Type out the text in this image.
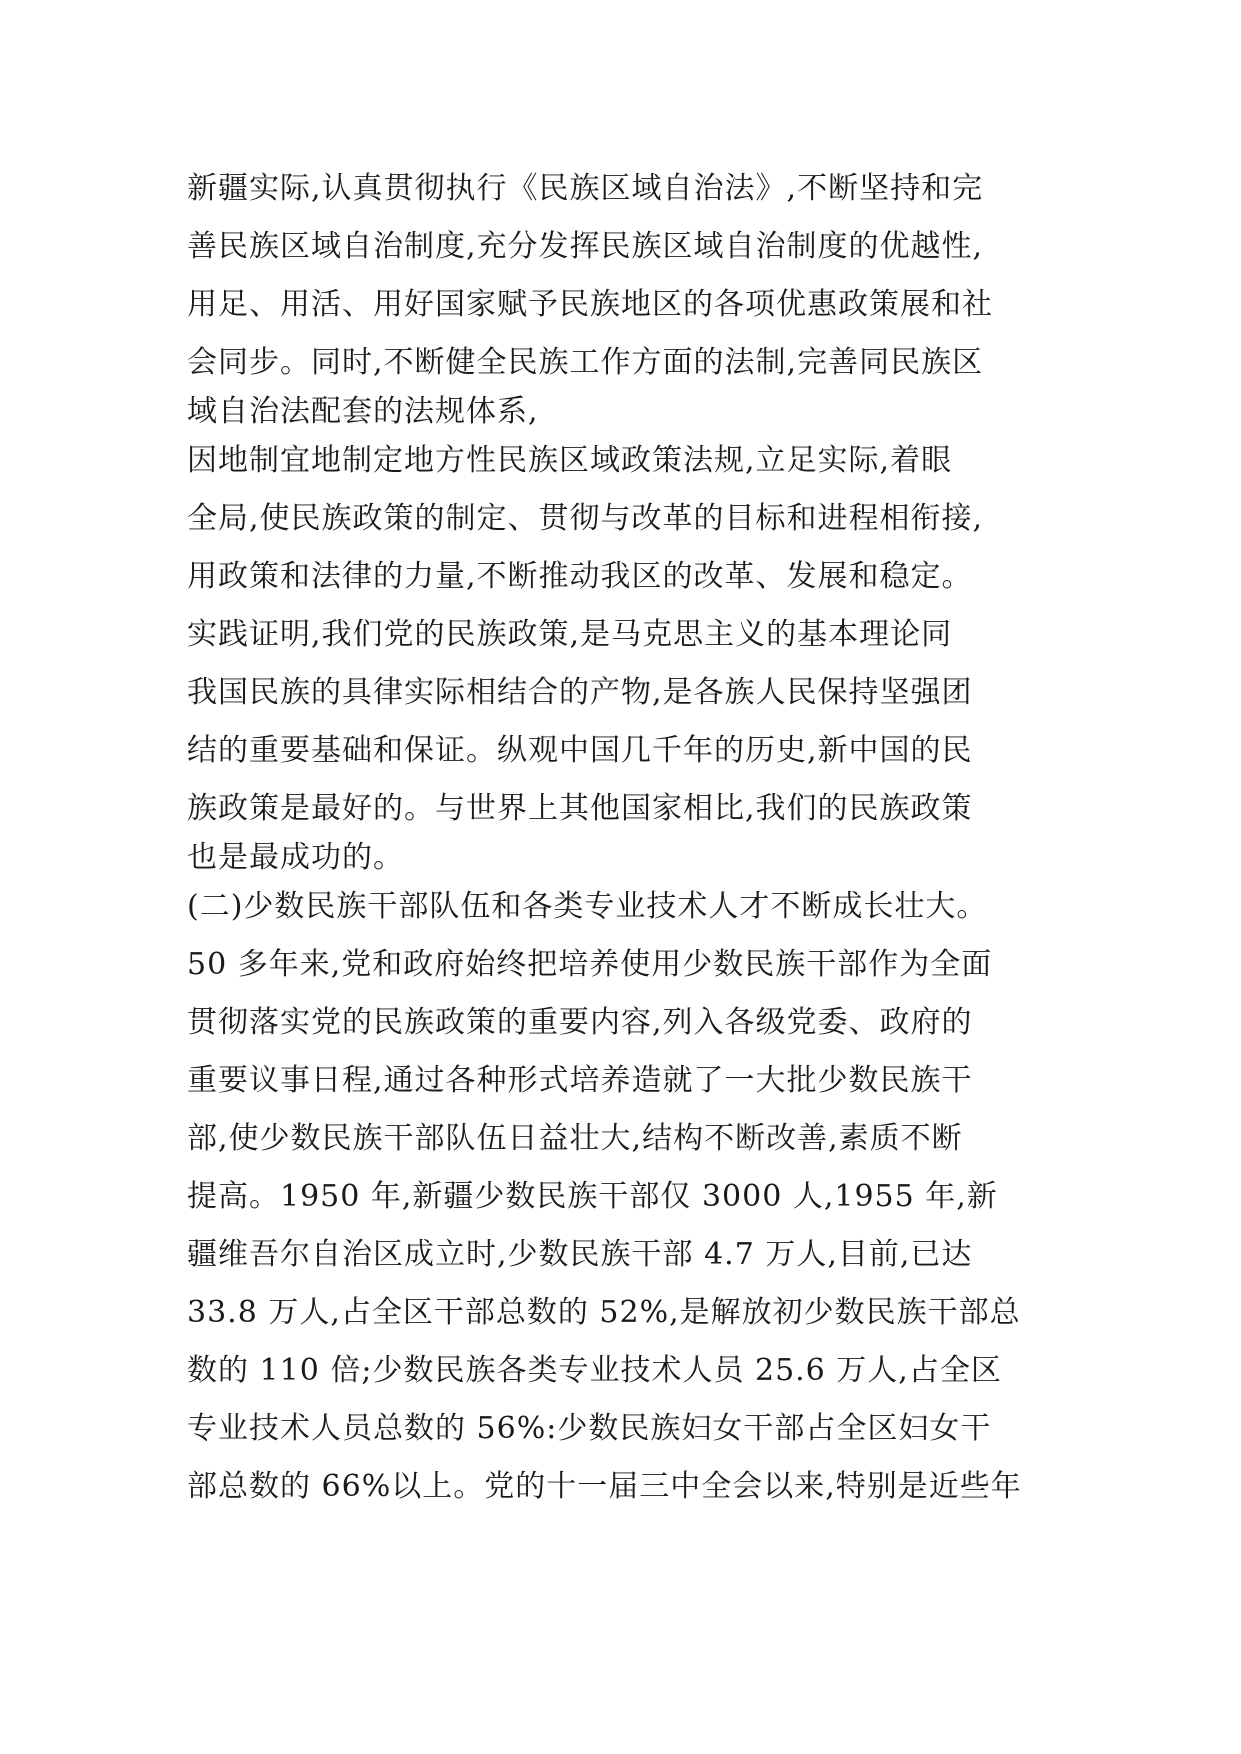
新疆实际,认真贯彻执行《民族区域自治法》,不断坚持和完
善民族区域自治制度,充分发挥民族区域自治制度的优越性,
用足、用活、用好国家赋予民族地区的各项优惠政策展和社
会同步。同时,不断健全民族工作方面的法制,完善同民族区
域自治法配套的法规体系,
因地制宜地制定地方性民族区域政策法规,立足实际,着眼
全局,使民族政策的制定、贯彻与改革的目标和进程相衔接,
用政策和法律的力量,不断推动我区的改革、发展和稳定。
实践证明,我们党的民族政策,是马克思主义的基本理论同
我国民族的具律实际相结合的产物,是各族人民保持坚强团
结的重要基础和保证。纵观中国几千年的历史,新中国的民
族政策是最好的。与世界上其他国家相比,我们的民族政策
也是最成功的。
(二)少数民族干部队伍和各类专业技术人才不断成长壮大。
50 多年来,党和政府始终把培养使用少数民族干部作为全面
贯彻落实党的民族政策的重要内容,列入各级党委、政府的
重要议事日程,通过各种形式培养造就了一大批少数民族干
部,使少数民族干部队伍日益壮大,结构不断改善,素质不断
提高。1950 年,新疆少数民族干部仅 3000 人,1955 年,新
疆维吾尔自治区成立时,少数民族干部 4.7 万人,目前,已达
33.8 万人,占全区干部总数的 52%,是解放初少数民族干部总
数的 110 倍;少数民族各类专业技术人员 25.6 万人,占全区
专业技术人员总数的 56%:少数民族妇女干部占全区妇女干
部总数的 66%以上。党的十一届三中全会以来,特别是近些年
